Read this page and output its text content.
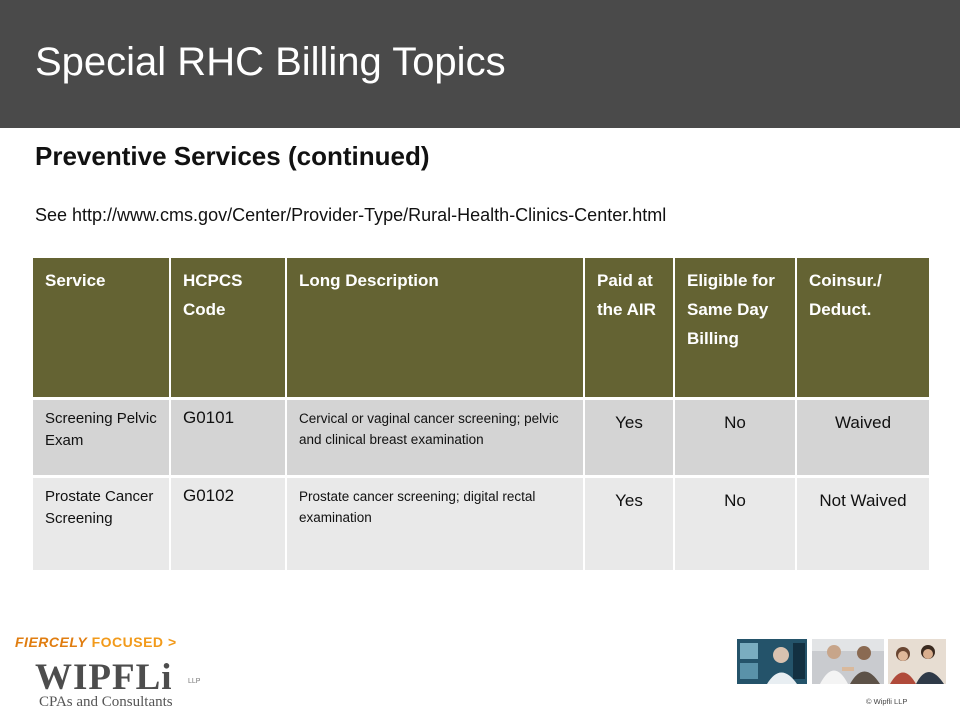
Special RHC Billing Topics
Preventive Services (continued)
See http://www.cms.gov/Center/Provider-Type/Rural-Health-Clinics-Center.html
Service	HCPCS Code	Long Description	Paid at the AIR	Eligible for Same Day Billing	Coinsur./ Deduct.
Screening Pelvic Exam	G0101	Cervical or vaginal cancer screening; pelvic and clinical breast examination	Yes	No	Waived
Prostate Cancer Screening	G0102	Prostate cancer screening; digital rectal examination	Yes	No	Not Waived
FIERCELY FOCUSED >
WIPFLi LLP
CPAs and Consultants	© Wipfli LLP
